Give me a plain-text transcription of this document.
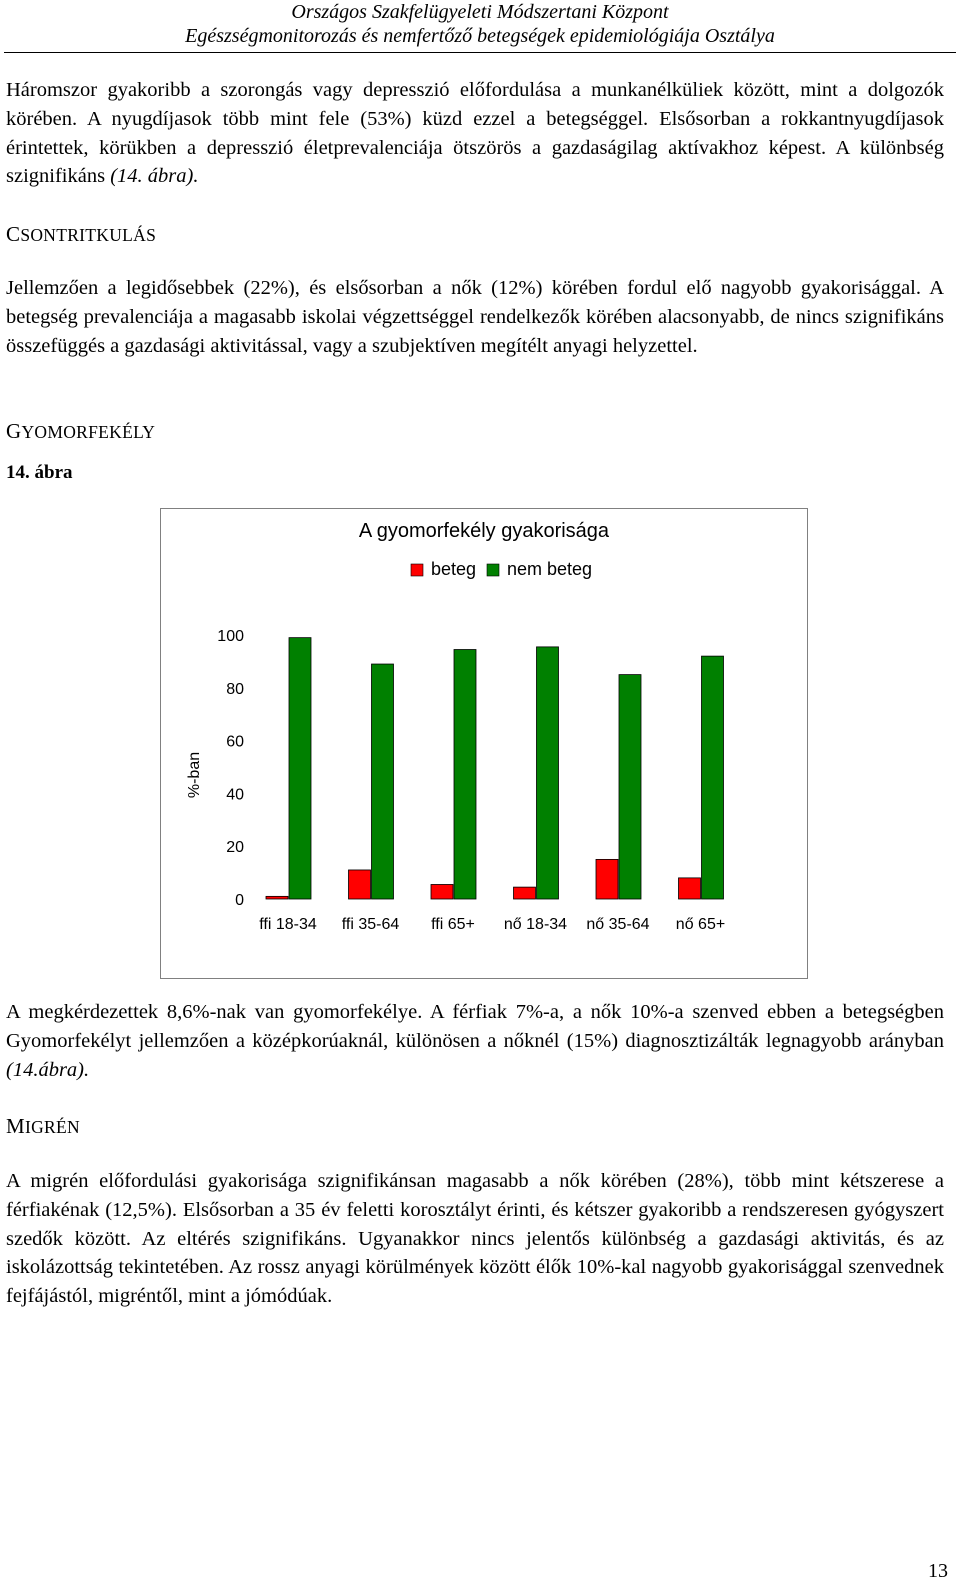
Országos Szakfelügyeleti Módszertani Központ
Egészségmonitorozás és nemfertőző betegségek epidemiológiája Osztálya
Háromszor gyakoribb a szorongás vagy depresszió előfordulása a munkanélküliek között, mint a dolgozók körében. A nyugdíjasok több mint fele (53%) küzd ezzel a betegséggel. Elsősorban a rokkantnyugdíjasok érintettek, körükben a depresszió életprevalenciája ötszörös a gazdaságilag aktívakhoz képest. A különbség szignifikáns (14. ábra).
CSONTRITKULÁS
Jellemzően a legidősebbek (22%), és elsősorban a nők (12%) körében fordul elő nagyobb gyakorisággal. A betegség prevalenciája a magasabb iskolai végzettséggel rendelkezők körében alacsonyabb, de nincs szignifikáns összefüggés a gazdasági aktivitással, vagy a szubjektíven megítélt anyagi helyzettel.
GYOMORFEKÉLY
14. ábra
A gyomorfekély gyakorisága
beteg nem beteg
0
20
40
60
80
100
%-ban
ffi 18-34 ffi 35-64 ffi 65+ nő 18-34 nő 35-64 nő 65+
A megkérdezettek 8,6%-nak van gyomorfekélye. A férfiak 7%-a, a nők 10%-a szenved ebben a betegségben Gyomorfekélyt jellemzően a középkorúaknál, különösen a nőknél (15%) diagnosztizálták legnagyobb arányban (14.ábra).
MIGRÉN
A migrén előfordulási gyakorisága szignifikánsan magasabb a nők körében (28%), több mint kétszerese a férfiakénak (12,5%). Elsősorban a 35 év feletti korosztályt érinti, és kétszer gyakoribb a rendszeresen gyógyszert szedők között. Az eltérés szignifikáns. Ugyanakkor nincs jelentős különbség a gazdasági aktivitás, és az iskolázottság tekintetében. Az rossz anyagi körülmények között élők 10%-kal nagyobb gyakorisággal szenvednek fejfájástól, migréntől, mint a jómódúak.
13
